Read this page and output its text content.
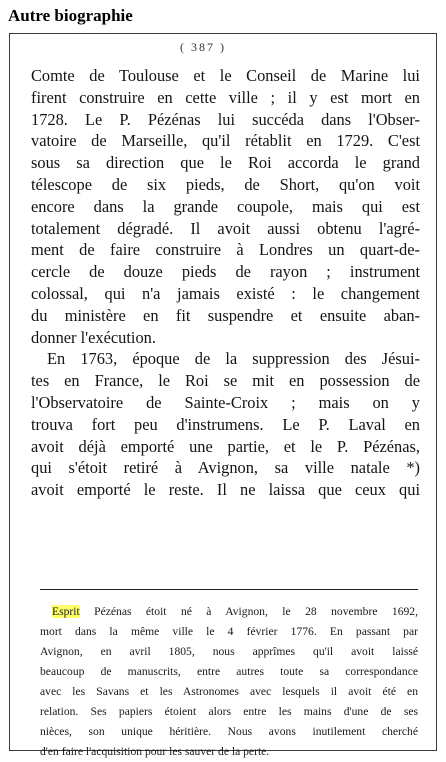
Autre biographie
( 387 )
Comte de Toulouse et le Conseil de Marine lui
firent construire en cette ville ; il y est mort en
1728. Le P. Pézénas lui succéda dans l'Obser-
vatoire de Marseille, qu'il rétablit en 1729. C'est
sous sa direction que le Roi accorda le grand
télescope de six pieds, de Short, qu'on voit
encore dans la grande coupole, mais qui est
totalement dégradé. Il avoit aussi obtenu l'agré-
ment de faire construire à Londres un quart-de-
cercle de douze pieds de rayon ; instrument
colossal, qui n'a jamais existé : le changement
du ministère en fit suspendre et ensuite aban-
donner l'exécution.
En 1763, époque de la suppression des Jésui-
tes en France, le Roi se mit en possession de
l'Observatoire de Sainte-Croix ; mais on y
trouva fort peu d'instrumens. Le P. Laval en
avoit déjà emporté une partie, et le P. Pézénas,
qui s'étoit retiré à Avignon, sa ville natale *)
avoit emporté le reste. Il ne laissa que ceux qui
Esprit Pézénas étoit né à Avignon, le 28 novembre 1692,
mort dans la même ville le 4 février 1776. En passant par
Avignon, en avril 1805, nous apprîmes qu'il avoit laissé
beaucoup de manuscrits, entre autres toute sa correspondance
avec les Savans et les Astronomes avec lesquels il avoit été en
relation. Ses papiers étoient alors entre les mains d'une de ses
nièces, son unique héritière. Nous avons inutilement cherché
d'en faire l'acquisition pour les sauver de la perte.
